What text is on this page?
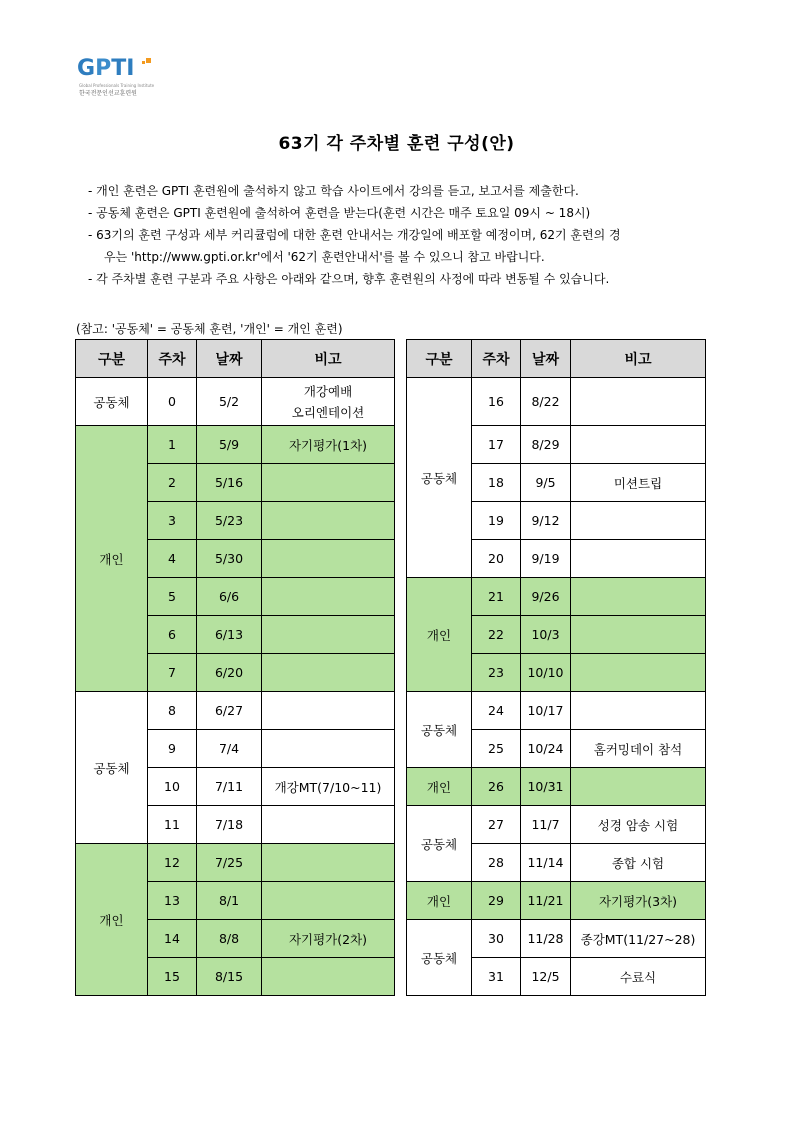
GPTI
Global Professionals Training Institute
한국전문인선교훈련원
63기 각 주차별 훈련 구성(안)
- 개인 훈련은 GPTI 훈련원에 출석하지 않고 학습 사이트에서 강의를 듣고, 보고서를 제출한다.
- 공동체 훈련은 GPTI 훈련원에 출석하여 훈련을 받는다(훈련 시간은 매주 토요일 09시 ~ 18시)
- 63기의 훈련 구성과 세부 커리큘럼에 대한 훈련 안내서는 개강일에 배포할 예정이며, 62기 훈련의 경
우는 'http://www.gpti.or.kr'에서 '62기 훈련안내서'를 볼 수 있으니 참고 바랍니다.
- 각 주차별 훈련 구분과 주요 사항은 아래와 같으며, 향후 훈련원의 사정에 따라 변동될 수 있습니다.
(참고: '공동체' = 공동체 훈련, '개인' = 개인 훈련)
구분	주차	날짜	비고
공동체	0	5/2	개강예배
오리엔테이션

개인	1	5/9	자기평가(1차)
	2	5/16	
	3	5/23	
	4	5/30	
	5	6/6	
	6	6/13	
	7	6/20	
공동체	8	6/27	
	9	7/4	
	10	7/11	개강MT(7/10~11)
	11	7/18	
개인	12	7/25	
	13	8/1	
	14	8/8	자기평가(2차)
	15	8/15	
구분	주차	날짜	비고
공동체	16	8/22	
	17	8/29	
	18	9/5	미션트립
	19	9/12	
	20	9/19	
개인	21	9/26	
	22	10/3	
	23	10/10	
공동체	24	10/17	
	25	10/24	홈커밍데이 참석
개인	26	10/31	
공동체	27	11/7	성경 암송 시험
	28	11/14	종합 시험
개인	29	11/21	자기평가(3차)
공동체	30	11/28	종강MT(11/27~28)
	31	12/5	수료식
